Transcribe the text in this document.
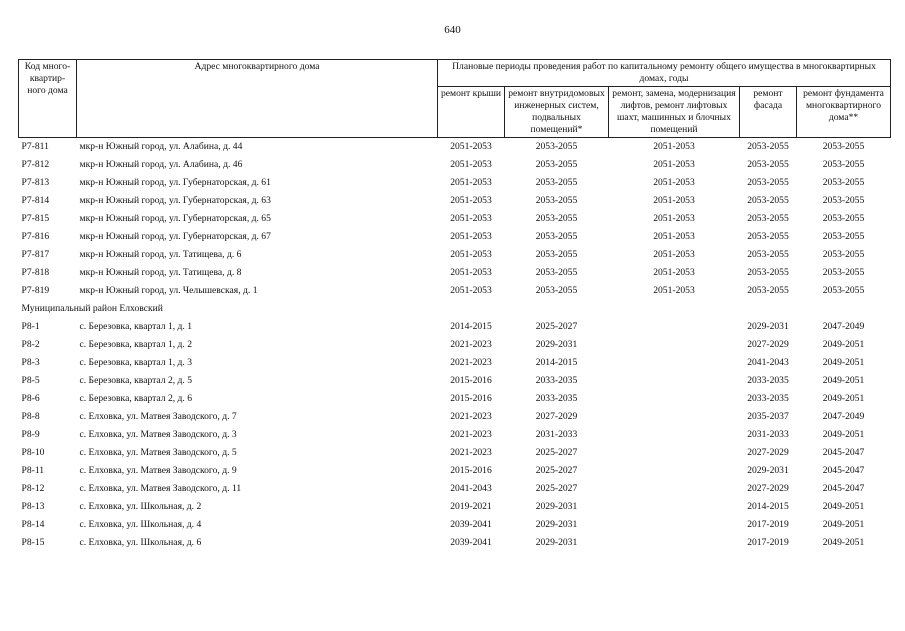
640
Код много-квартир-ного дома	Адрес многоквартирного дома	Плановые периоды проведения работ по капитальному ремонту общего имущества в многоквартирных домах, годы				
		ремонт крыши	ремонт внутридомовых инженерных систем, подвальных помещений*	ремонт, замена, модернизация лифтов, ремонт лифтовых шахт, машинных и блочных помещений	ремонт фасада	ремонт фундамента многоквартирного дома**
Р7-811	мкр-н Южный город, ул. Алабина, д. 44	2051-2053	2053-2055	2051-2053	2053-2055	2053-2055
Р7-812	мкр-н Южный город, ул. Алабина, д. 46	2051-2053	2053-2055	2051-2053	2053-2055	2053-2055
Р7-813	мкр-н Южный город, ул. Губернаторская, д. 61	2051-2053	2053-2055	2051-2053	2053-2055	2053-2055
Р7-814	мкр-н Южный город, ул. Губернаторская, д. 63	2051-2053	2053-2055	2051-2053	2053-2055	2053-2055
Р7-815	мкр-н Южный город, ул. Губернаторская, д. 65	2051-2053	2053-2055	2051-2053	2053-2055	2053-2055
Р7-816	мкр-н Южный город, ул. Губернаторская, д. 67	2051-2053	2053-2055	2051-2053	2053-2055	2053-2055
Р7-817	мкр-н Южный город, ул. Татищева, д. 6	2051-2053	2053-2055	2051-2053	2053-2055	2053-2055
Р7-818	мкр-н Южный город, ул. Татищева, д. 8	2051-2053	2053-2055	2051-2053	2053-2055	2053-2055
Р7-819	мкр-н Южный город, ул. Челышевская, д. 1	2051-2053	2053-2055	2051-2053	2053-2055	2053-2055
Муниципальный район Елховский						
Р8-1	с. Березовка, квартал 1, д. 1	2014-2015	2025-2027		2029-2031	2047-2049
Р8-2	с. Березовка, квартал 1, д. 2	2021-2023	2029-2031		2027-2029	2049-2051
Р8-3	с. Березовка, квартал 1, д. 3	2021-2023	2014-2015		2041-2043	2049-2051
Р8-5	с. Березовка, квартал 2, д. 5	2015-2016	2033-2035		2033-2035	2049-2051
Р8-6	с. Березовка, квартал 2, д. 6	2015-2016	2033-2035		2033-2035	2049-2051
Р8-8	с. Елховка, ул. Матвея Заводского, д. 7	2021-2023	2027-2029		2035-2037	2047-2049
Р8-9	с. Елховка, ул. Матвея Заводского, д. 3	2021-2023	2031-2033		2031-2033	2049-2051
Р8-10	с. Елховка, ул. Матвея Заводского, д. 5	2021-2023	2025-2027		2027-2029	2045-2047
Р8-11	с. Елховка, ул. Матвея Заводского, д. 9	2015-2016	2025-2027		2029-2031	2045-2047
Р8-12	с. Елховка, ул. Матвея Заводского, д. 11	2041-2043	2025-2027		2027-2029	2045-2047
Р8-13	с. Елховка, ул. Школьная, д. 2	2019-2021	2029-2031		2014-2015	2049-2051
Р8-14	с. Елховка, ул. Школьная, д. 4	2039-2041	2029-2031		2017-2019	2049-2051
Р8-15	с. Елховка, ул. Школьная, д. 6	2039-2041	2029-2031		2017-2019	2049-2051
